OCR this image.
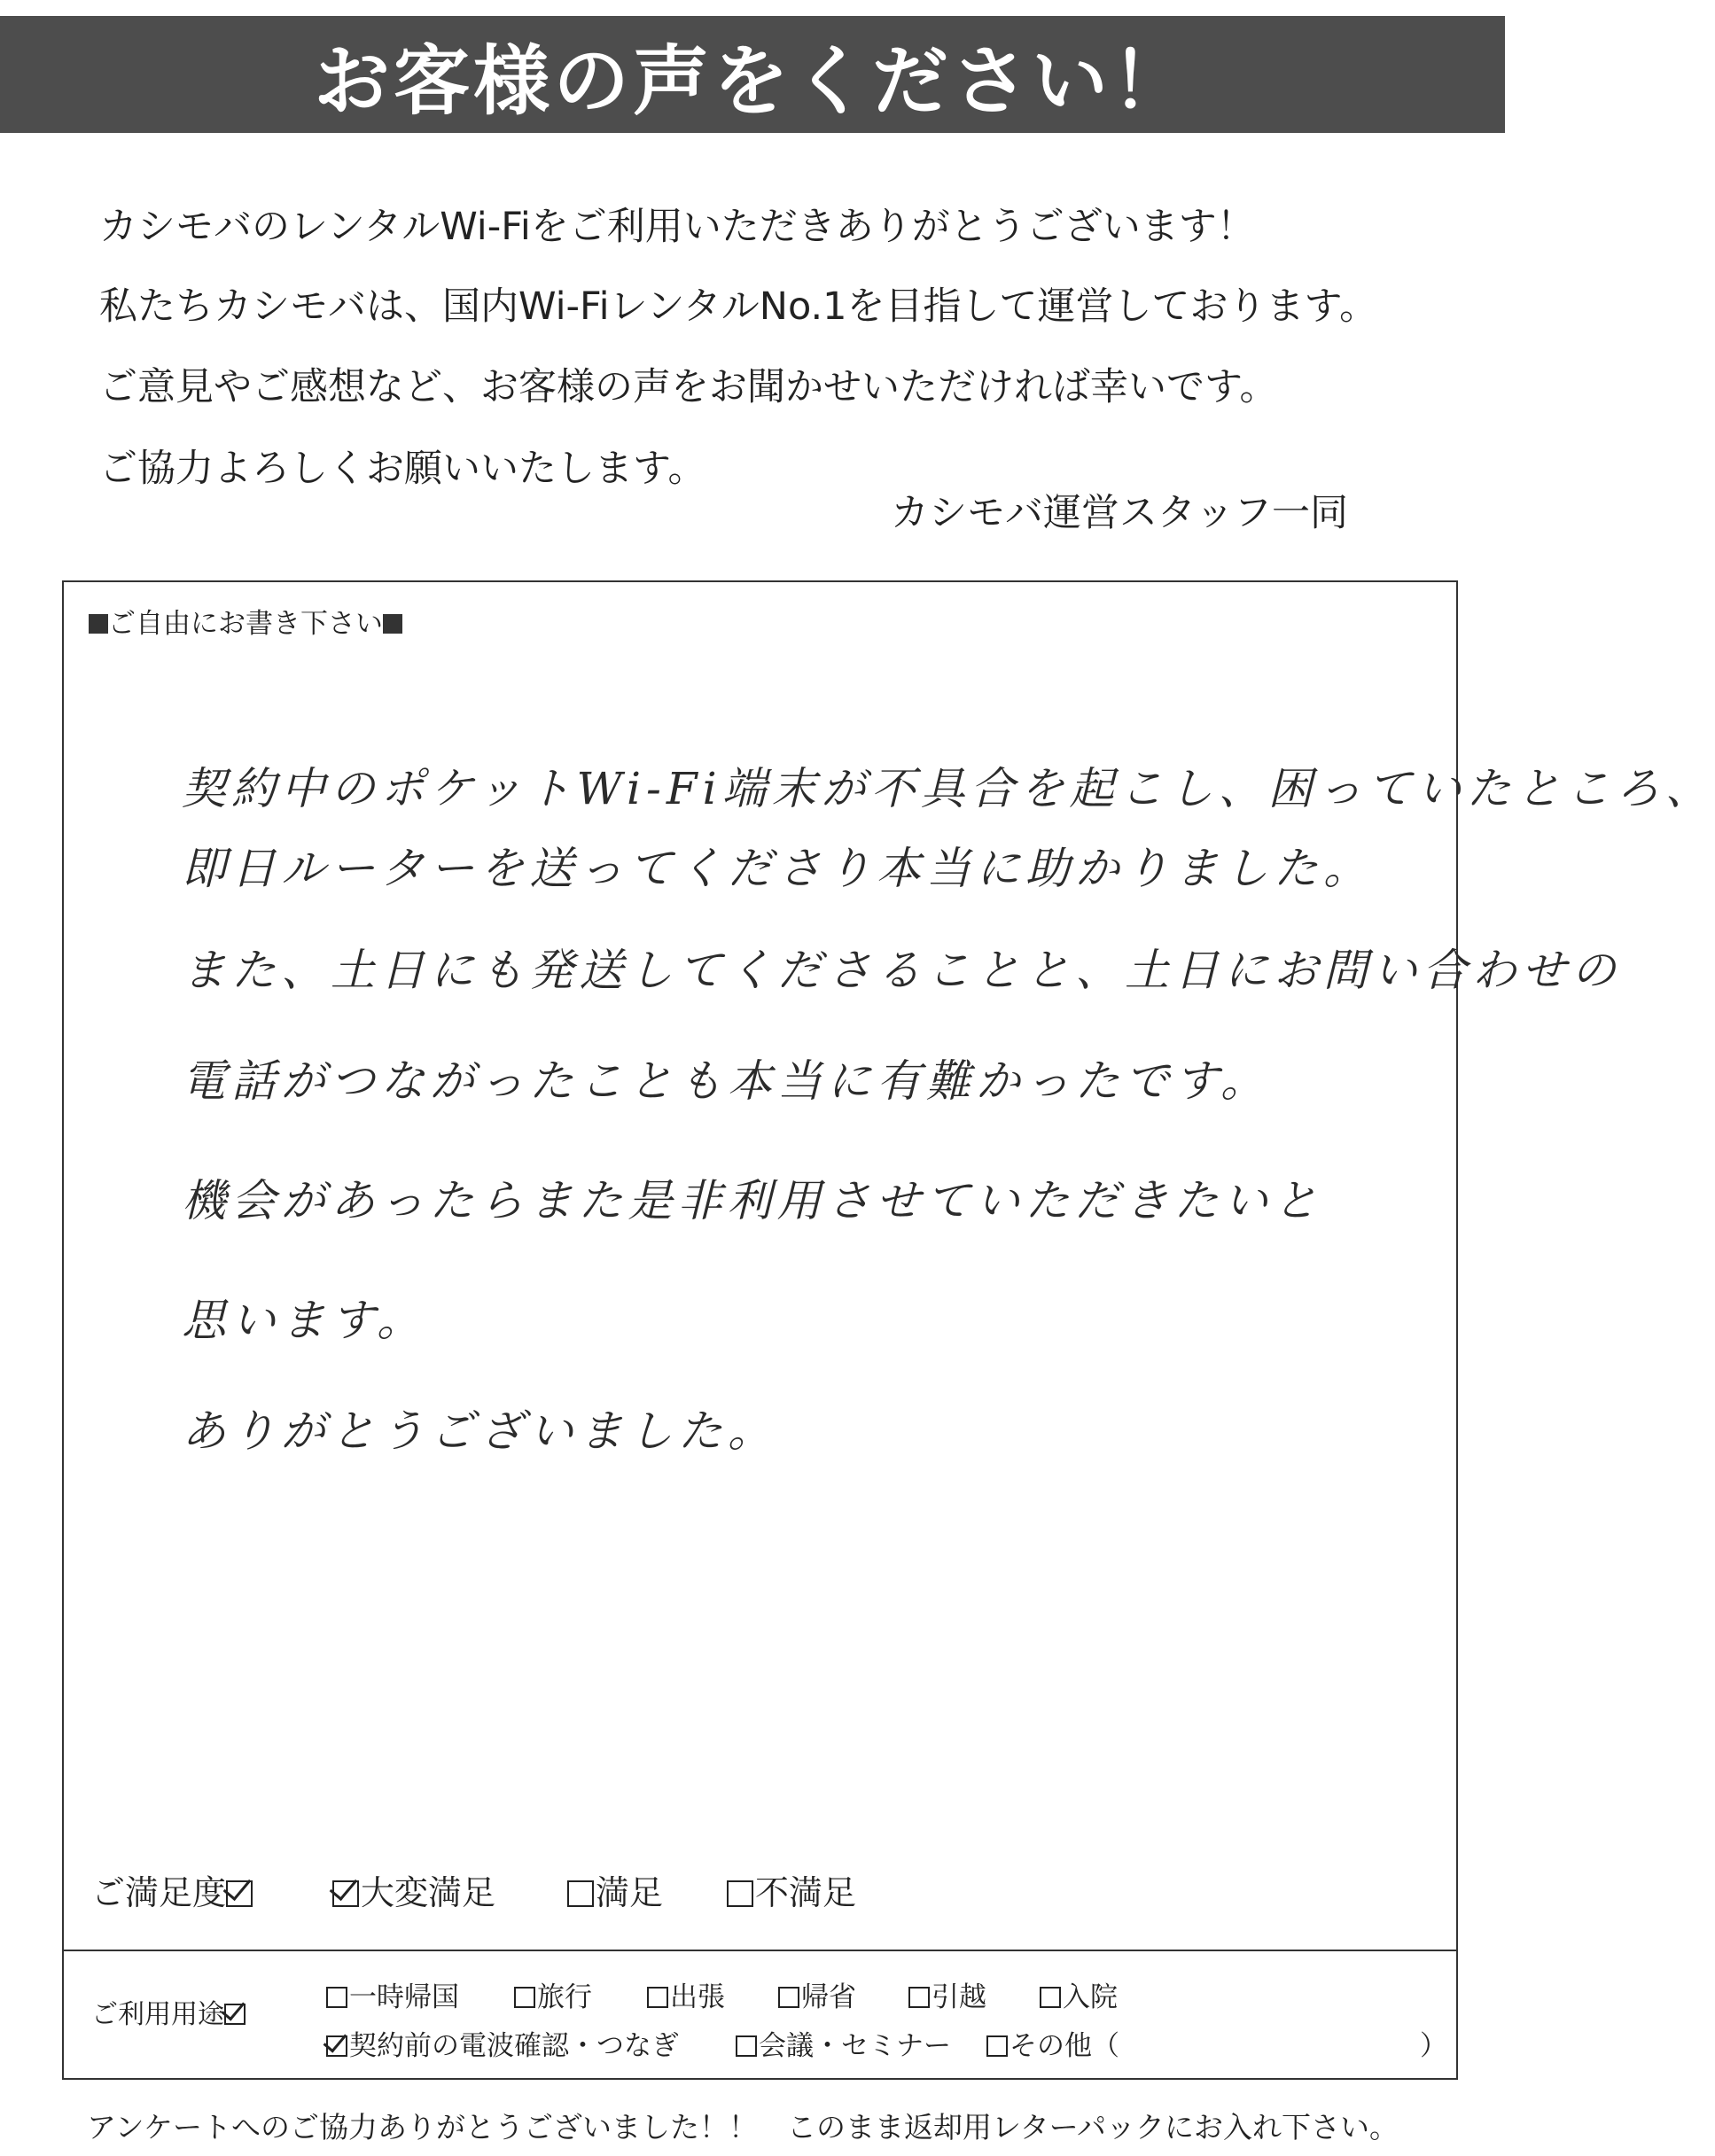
お客様の声をください！
カシモバのレンタルWi-Fiをご利用いただきありがとうございます！
私たちカシモバは、国内Wi-FiレンタルNo.1を目指して運営しております。
ご意見やご感想など、お客様の声をお聞かせいただければ幸いです。
ご協力よろしくお願いいたします。
カシモバ運営スタッフ一同
ご自由にお書き下さい
契約中のポケットWi-Fi端末が不具合を起こし、困っていたところ、
即日ルーターを送ってくださり本当に助かりました。
また、土日にも発送してくださることと、土日にお問い合わせの
電話がつながったことも本当に有難かったです。
機会があったらまた是非利用させていただきたいと
思います。
ありがとうございました。
ご満足度	大変満足	満足	不満足
ご利用用途
一時帰国	旅行	出張	帰省	引越	入院
契約前の電波確認・つなぎ	会議・セミナー	その他（	）
アンケートへのご協力ありがとうございました！！　このまま返却用レターパックにお入れ下さい。
